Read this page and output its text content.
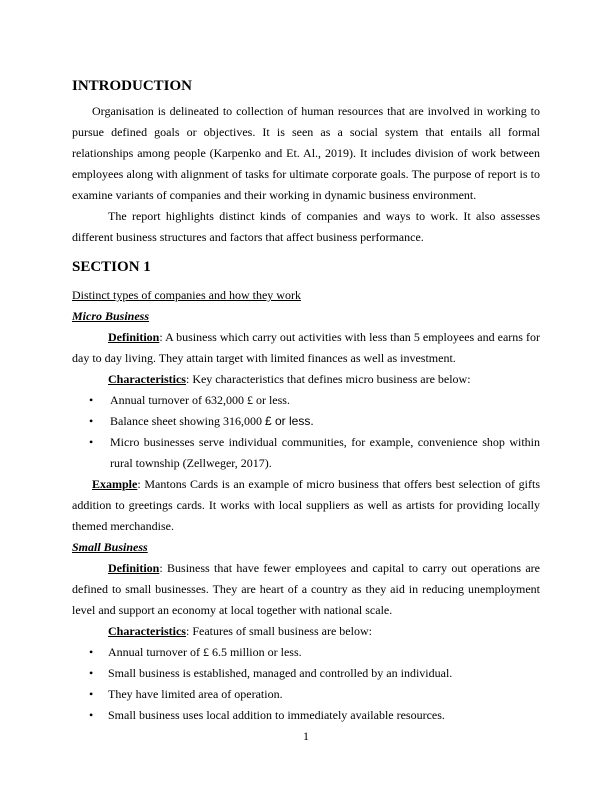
INTRODUCTION

Organisation is delineated to collection of human resources that are involved in working to pursue defined goals or objectives. It is seen as a social system that entails all formal relationships among people (Karpenko and Et. Al., 2019). It includes division of work between employees along with alignment of tasks for ultimate corporate goals. The purpose of report is to examine variants of companies and their working in dynamic business environment.

The report highlights distinct kinds of companies and ways to work. It also assesses different business structures and factors that affect business performance.

SECTION 1
Distinct types of companies and how they work
Micro Business

Definition: A business which carry out activities with less than 5 employees and earns for day to day living. They attain target with limited finances as well as investment.

Characteristics: Key characteristics that defines micro business are below:

• Annual turnover of 632,000 £ or less.
• Balance sheet showing 316,000 £ or less.
• Micro businesses serve individual communities, for example, convenience shop within rural township (Zellweger, 2017).

Example: Mantons Cards is an example of micro business that offers best selection of gifts addition to greetings cards. It works with local suppliers as well as artists for providing locally themed merchandise.

Small Business

Definition: Business that have fewer employees and capital to carry out operations are defined to small businesses. They are heart of a country as they aid in reducing unemployment level and support an economy at local together with national scale.

Characteristics: Features of small business are below:

• Annual turnover of £ 6.5 million or less.
• Small business is established, managed and controlled by an individual.
• They have limited area of operation.
• Small business uses local addition to immediately available resources.
1
